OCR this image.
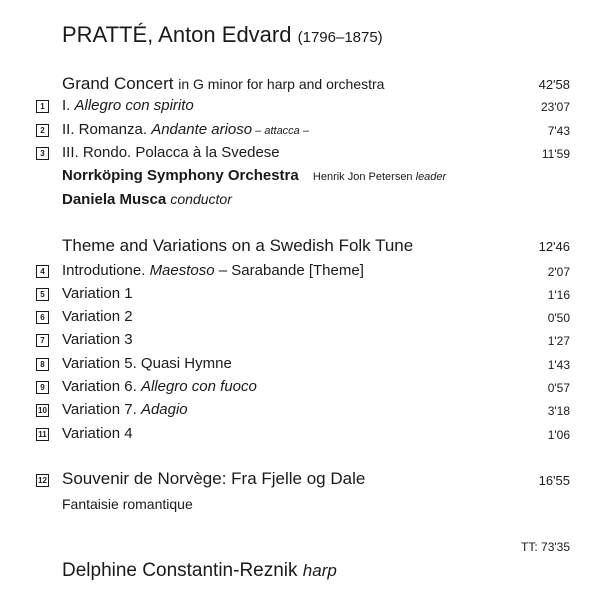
PRATTÉ, Anton Edvard (1796–1875)
Grand Concert in G minor for harp and orchestra	42'58
1 I. Allegro con spirito	23'07
2 II. Romanza. Andante arioso – attacca –	7'43
3 III. Rondo. Polacca à la Svedese	11'59
Norrköping Symphony Orchestra Henrik Jon Petersen leader
Daniela Musca conductor
Theme and Variations on a Swedish Folk Tune	12'46
4 Introdutione. Maestoso – Sarabande [Theme]	2'07
5 Variation 1	1'16
6 Variation 2	0'50
7 Variation 3	1'27
8 Variation 5. Quasi Hymne	1'43
9 Variation 6. Allegro con fuoco	0'57
10 Variation 7. Adagio	3'18
11 Variation 4	1'06
12 Souvenir de Norvège: Fra Fjelle og Dale	16'55
Fantaisie romantique
TT: 73'35
Delphine Constantin-Reznik harp
